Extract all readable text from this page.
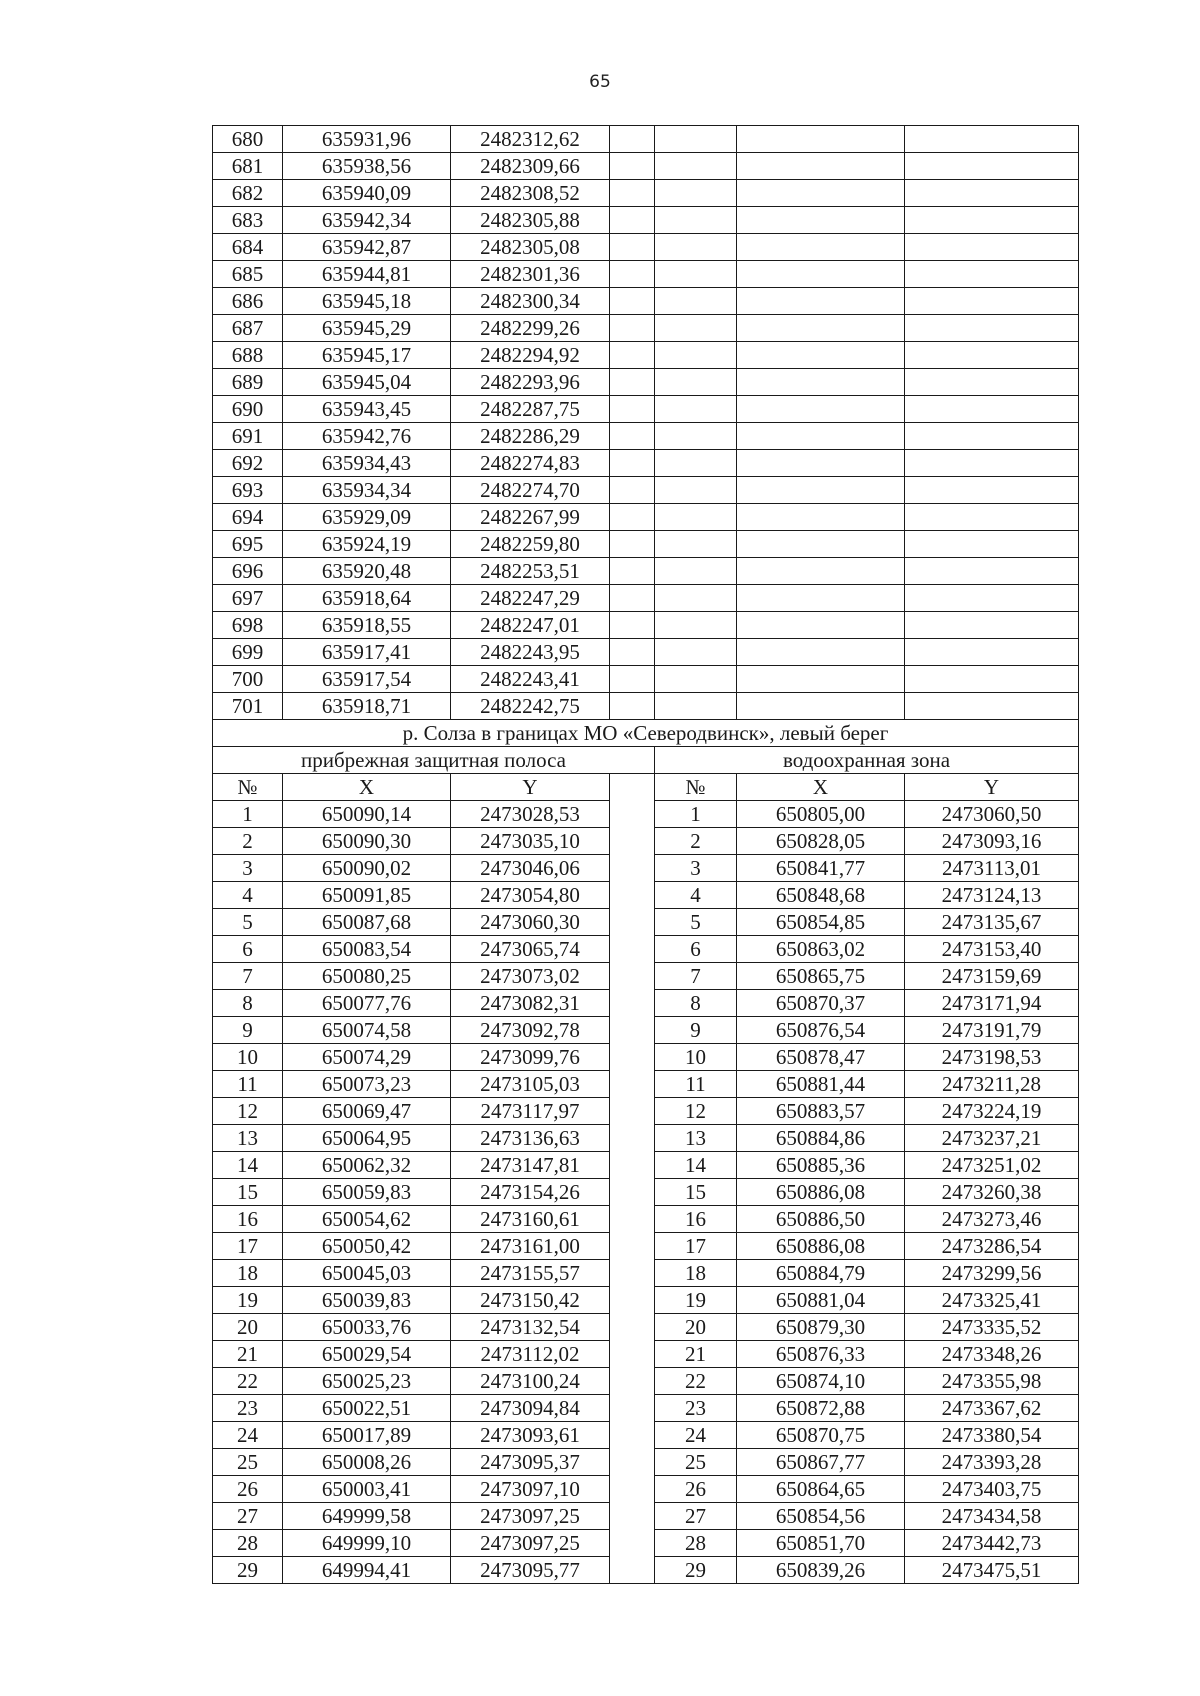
65
680	635931,96	2482312,62				
681	635938,56	2482309,66				
682	635940,09	2482308,52				
683	635942,34	2482305,88				
684	635942,87	2482305,08				
685	635944,81	2482301,36				
686	635945,18	2482300,34				
687	635945,29	2482299,26				
688	635945,17	2482294,92				
689	635945,04	2482293,96				
690	635943,45	2482287,75				
691	635942,76	2482286,29				
692	635934,43	2482274,83				
693	635934,34	2482274,70				
694	635929,09	2482267,99				
695	635924,19	2482259,80				
696	635920,48	2482253,51				
697	635918,64	2482247,29				
698	635918,55	2482247,01				
699	635917,41	2482243,95				
700	635917,54	2482243,41				
701	635918,71	2482242,75				
р. Солза в границах МО «Северодвинск», левый берег						
прибрежная защитная полоса				водоохранная зона		
№	X	Y		№	X	Y
1	650090,14	2473028,53		1	650805,00	2473060,50
2	650090,30	2473035,10		2	650828,05	2473093,16
3	650090,02	2473046,06		3	650841,77	2473113,01
4	650091,85	2473054,80		4	650848,68	2473124,13
5	650087,68	2473060,30		5	650854,85	2473135,67
6	650083,54	2473065,74		6	650863,02	2473153,40
7	650080,25	2473073,02		7	650865,75	2473159,69
8	650077,76	2473082,31		8	650870,37	2473171,94
9	650074,58	2473092,78		9	650876,54	2473191,79
10	650074,29	2473099,76		10	650878,47	2473198,53
11	650073,23	2473105,03		11	650881,44	2473211,28
12	650069,47	2473117,97		12	650883,57	2473224,19
13	650064,95	2473136,63		13	650884,86	2473237,21
14	650062,32	2473147,81		14	650885,36	2473251,02
15	650059,83	2473154,26		15	650886,08	2473260,38
16	650054,62	2473160,61		16	650886,50	2473273,46
17	650050,42	2473161,00		17	650886,08	2473286,54
18	650045,03	2473155,57		18	650884,79	2473299,56
19	650039,83	2473150,42		19	650881,04	2473325,41
20	650033,76	2473132,54		20	650879,30	2473335,52
21	650029,54	2473112,02		21	650876,33	2473348,26
22	650025,23	2473100,24		22	650874,10	2473355,98
23	650022,51	2473094,84		23	650872,88	2473367,62
24	650017,89	2473093,61		24	650870,75	2473380,54
25	650008,26	2473095,37		25	650867,77	2473393,28
26	650003,41	2473097,10		26	650864,65	2473403,75
27	649999,58	2473097,25		27	650854,56	2473434,58
28	649999,10	2473097,25		28	650851,70	2473442,73
29	649994,41	2473095,77		29	650839,26	2473475,51
